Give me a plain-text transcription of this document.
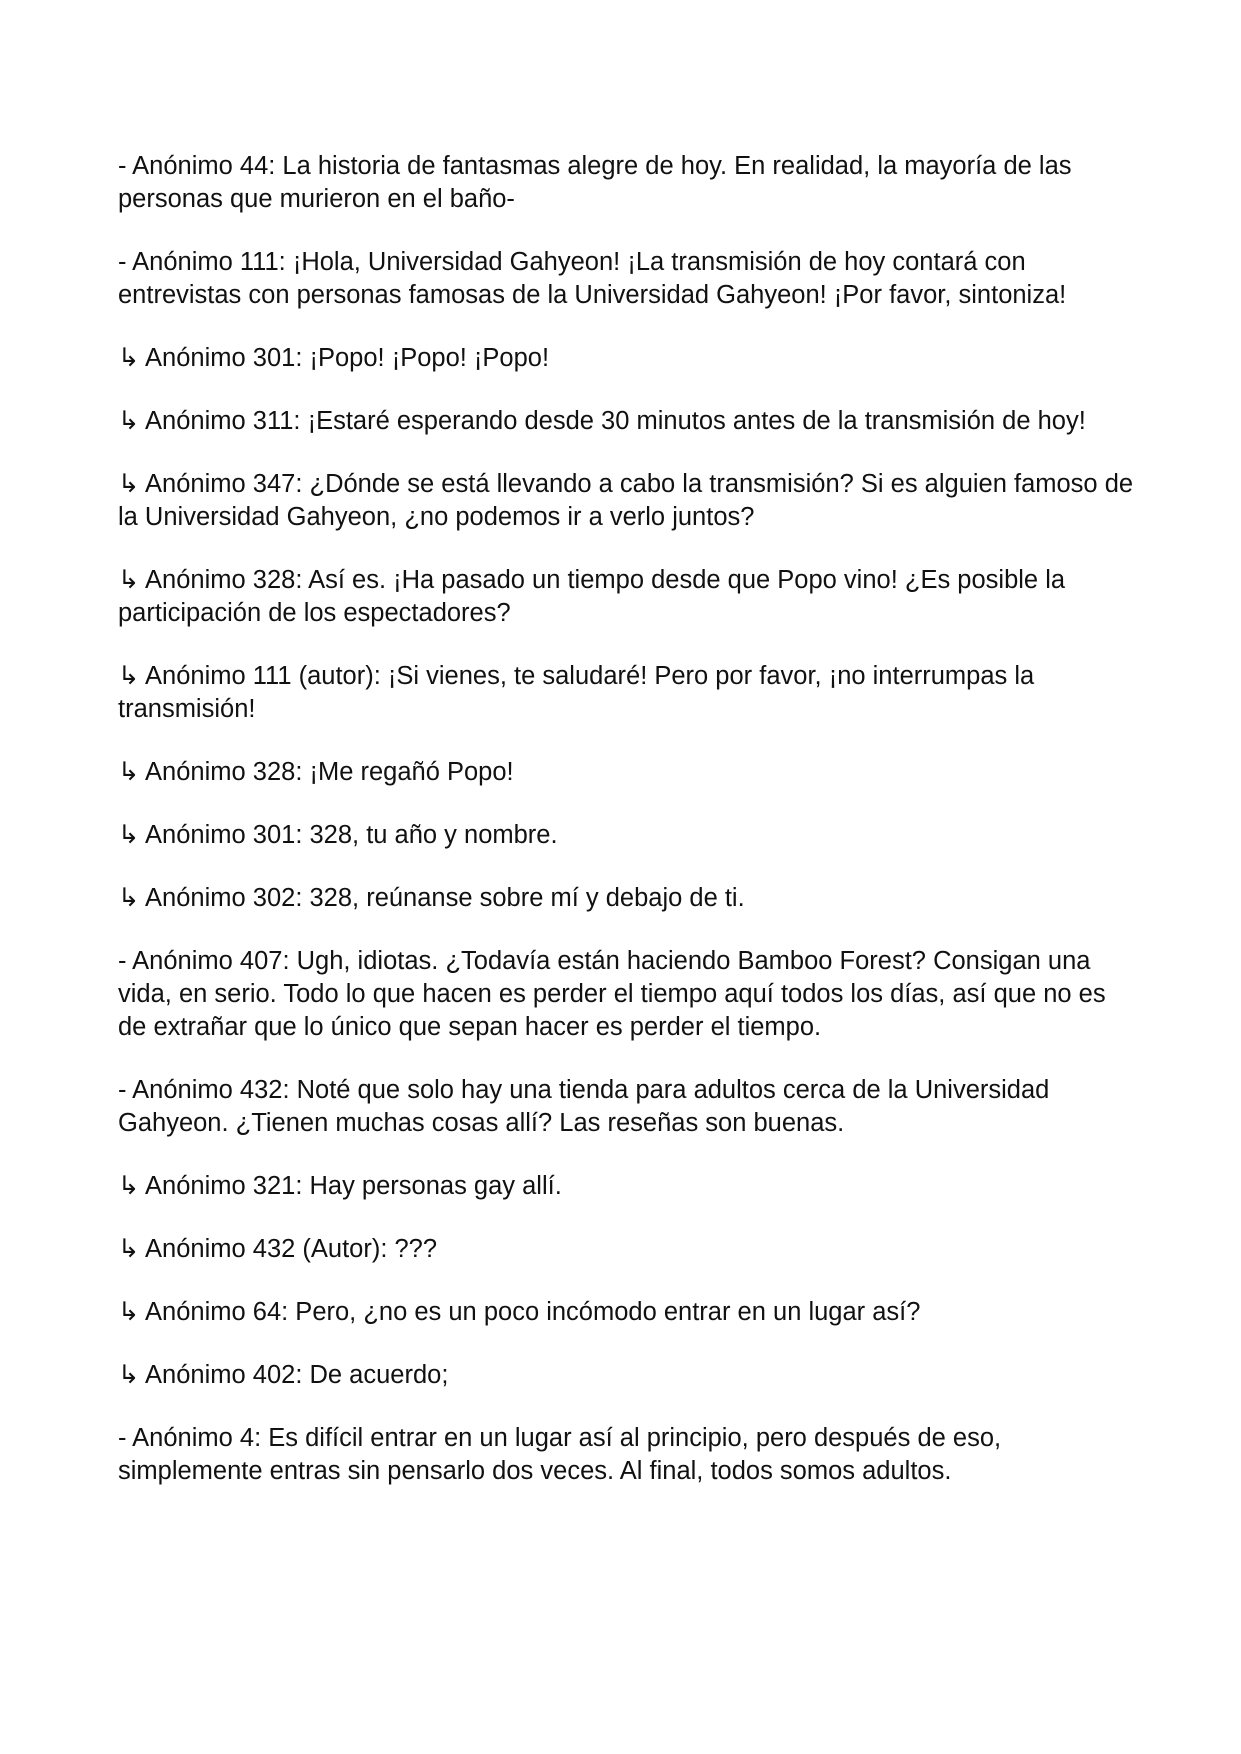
- Anónimo 44: La historia de fantasmas alegre de hoy. En realidad, la mayoría de las personas que murieron en el baño-

- Anónimo 111: ¡Hola, Universidad Gahyeon! ¡La transmisión de hoy contará con entrevistas con personas famosas de la Universidad Gahyeon! ¡Por favor, sintoniza!

↳ Anónimo 301: ¡Popo! ¡Popo! ¡Popo!

↳ Anónimo 311: ¡Estaré esperando desde 30 minutos antes de la transmisión de hoy!

↳ Anónimo 347: ¿Dónde se está llevando a cabo la transmisión? Si es alguien famoso de la Universidad Gahyeon, ¿no podemos ir a verlo juntos?

↳ Anónimo 328: Así es. ¡Ha pasado un tiempo desde que Popo vino! ¿Es posible la participación de los espectadores?

↳ Anónimo 111 (autor): ¡Si vienes, te saludaré! Pero por favor, ¡no interrumpas la transmisión!

↳ Anónimo 328: ¡Me regañó Popo!

↳ Anónimo 301: 328, tu año y nombre.

↳ Anónimo 302: 328, reúnanse sobre mí y debajo de ti.

- Anónimo 407: Ugh, idiotas. ¿Todavía están haciendo Bamboo Forest? Consigan una vida, en serio. Todo lo que hacen es perder el tiempo aquí todos los días, así que no es de extrañar que lo único que sepan hacer es perder el tiempo.

- Anónimo 432: Noté que solo hay una tienda para adultos cerca de la Universidad Gahyeon. ¿Tienen muchas cosas allí? Las reseñas son buenas.

↳ Anónimo 321: Hay personas gay allí.

↳ Anónimo 432 (Autor): ???

↳ Anónimo 64: Pero, ¿no es un poco incómodo entrar en un lugar así?

↳ Anónimo 402: De acuerdo;

- Anónimo 4: Es difícil entrar en un lugar así al principio, pero después de eso, simplemente entras sin pensarlo dos veces. Al final, todos somos adultos.
